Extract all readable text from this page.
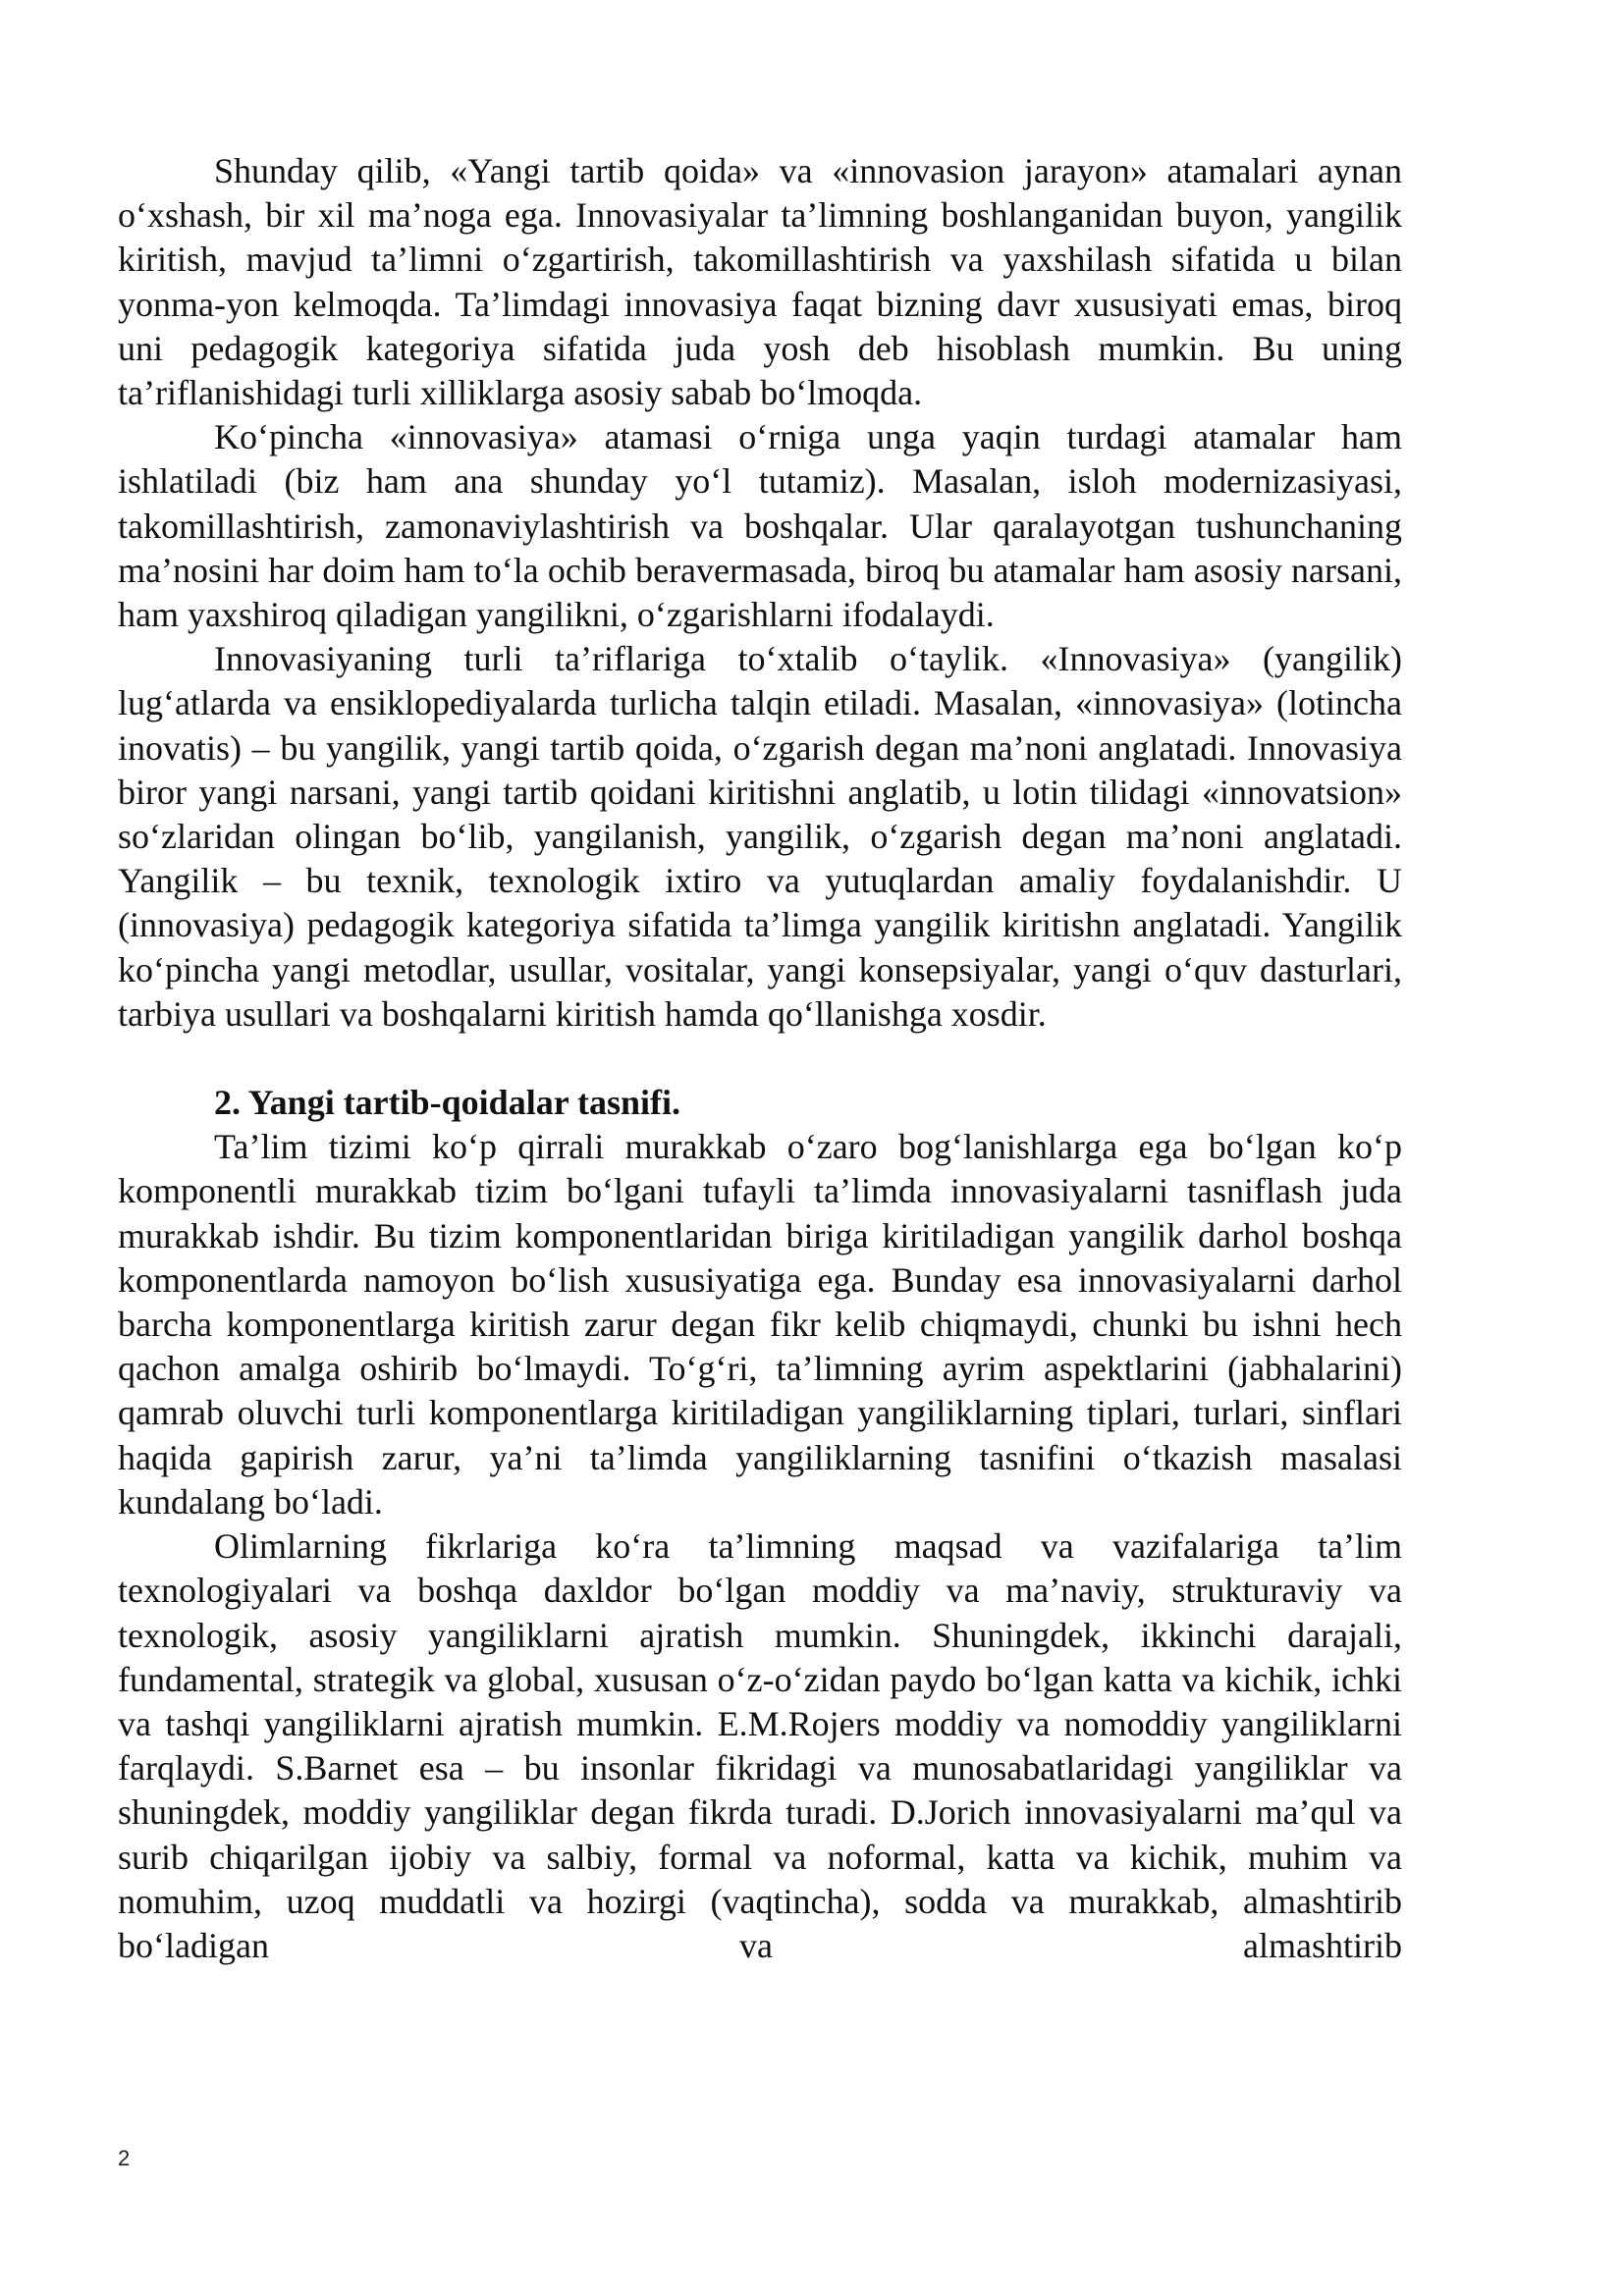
Shunday qilib, «Yangi tartib qoida» va «innovasion jarayon» atamalari aynan o‘xshash, bir xil ma’noga ega. Innovasiyalar ta’limning boshlanganidan buyon, yangilik kiritish, mavjud ta’limni o‘zgartirish, takomillashtirish va yaxshilash sifatida u bilan yonma-yon kelmoqda. Ta’limdagi innovasiya faqat bizning davr xususiyati emas, biroq uni pedagogik kategoriya sifatida juda yosh deb hisoblash mumkin. Bu uning ta’riflanishidagi turli xilliklarga asosiy sabab bo‘lmoqda.

Ko‘pincha «innovasiya» atamasi o‘rniga unga yaqin turdagi atamalar ham ishlatiladi (biz ham ana shunday yo‘l tutamiz). Masalan, isloh modernizasiyasi, takomillashtirish, zamonaviylashtirish va boshqalar. Ular qaralayotgan tushunchaning ma’nosini har doim ham to‘la ochib beravermasada, biroq bu atamalar ham asosiy narsani, ham yaxshiroq qiladigan yangilikni, o‘zgarishlarni ifodalaydi.

Innovasiyaning turli ta’riflariga to‘xtalib o‘taylik. «Innovasiya» (yangilik) lug‘atlarda va ensiklopediyalarda turlicha talqin etiladi. Masalan, «innovasiya» (lotincha inovatis) – bu yangilik, yangi tartib qoida, o‘zgarish degan ma’noni anglatadi. Innovasiya biror yangi narsani, yangi tartib qoidani kiritishni anglatib, u lotin tilidagi «innovatsion» so‘zlaridan olingan bo‘lib, yangilanish, yangilik, o‘zgarish degan ma’noni anglatadi. Yangilik – bu texnik, texnologik ixtiro va yutuqlardan amaliy foydalanishdir. U (innovasiya) pedagogik kategoriya sifatida ta’limga yangilik kiritishn anglatadi. Yangilik ko‘pincha yangi metodlar, usullar, vositalar, yangi konsepsiyalar, yangi o‘quv dasturlari, tarbiya usullari va boshqalarni kiritish hamda qo‘llanishga xosdir.

2. Yangi tartib-qoidalar tasnifi.

Ta’lim tizimi ko‘p qirrali murakkab o‘zaro bog‘lanishlarga ega bo‘lgan ko‘p komponentli murakkab tizim bo‘lgani tufayli ta’limda innovasiyalarni tasniflash juda murakkab ishdir. Bu tizim komponentlaridan biriga kiritiladigan yangilik darhol boshqa komponentlarda namoyon bo‘lish xususiyatiga ega. Bunday esa innovasiyalarni darhol barcha komponentlarga kiritish zarur degan fikr kelib chiqmaydi, chunki bu ishni hech qachon amalga oshirib bo‘lmaydi. To‘g‘ri, ta’limning ayrim aspektlarini (jabhalarini) qamrab oluvchi turli komponentlarga kiritiladigan yangiliklarning tiplari, turlari, sinflari haqida gapirish zarur, ya’ni ta’limda yangiliklarning tasnifini o‘tkazish masalasi kundalang bo‘ladi.

Olimlarning fikrlariga ko‘ra ta’limning maqsad va vazifalariga ta’lim texnologiyalari va boshqa daxldor bo‘lgan moddiy va ma’naviy, strukturaviy va texnologik, asosiy yangiliklarni ajratish mumkin. Shuningdek, ikkinchi darajali, fundamental, strategik va global, xususan o‘z-o‘zidan paydo bo‘lgan katta va kichik, ichki va tashqi yangiliklarni ajratish mumkin. E.M.Rojers moddiy va nomoddiy yangiliklarni farqlaydi. S.Barnet esa – bu insonlar fikridagi va munosabatlaridagi yangiliklar va shuningdek, moddiy yangiliklar degan fikrda turadi. D.Jorich innovasiyalarni ma’qul va surib chiqarilgan ijobiy va salbiy, formal va noformal, katta va kichik, muhim va nomuhim, uzoq muddatli va hozirgi (vaqtincha), sodda va murakkab, almashtirib bo‘ladigan va almashtirib

2
